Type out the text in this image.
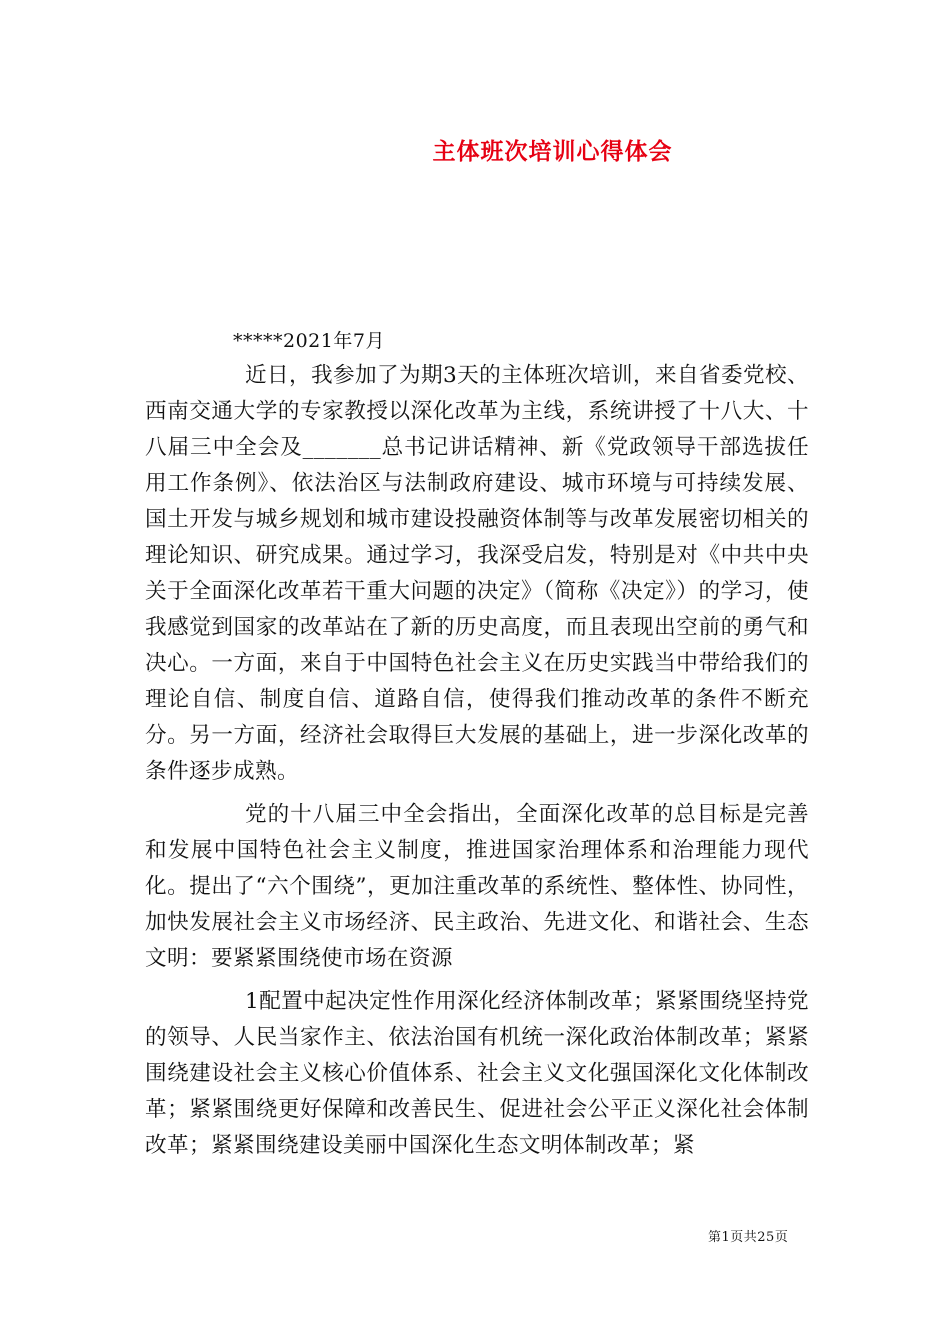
主体班次培训心得体会
*****2021年7月

近日，我参加了为期3天的主体班次培训，来自省委党校、西南交通大学的专家教授以深化改革为主线，系统讲授了十八大、十八届三中全会及_______总书记讲话精神、新《党政领导干部选拔任用工作条例》、依法治区与法制政府建设、城市环境与可持续发展、国土开发与城乡规划和城市建设投融资体制等与改革发展密切相关的理论知识、研究成果。通过学习，我深受启发，特别是对《中共中央关于全面深化改革若干重大问题的决定》（简称《决定》）的学习，使我感觉到国家的改革站在了新的历史高度，而且表现出空前的勇气和决心。一方面，来自于中国特色社会主义在历史实践当中带给我们的理论自信、制度自信、道路自信，使得我们推动改革的条件不断充分。另一方面，经济社会取得巨大发展的基础上，进一步深化改革的条件逐步成熟。

党的十八届三中全会指出，全面深化改革的总目标是完善和发展中国特色社会主义制度，推进国家治理体系和治理能力现代化。提出了“六个围绕”，更加注重改革的系统性、整体性、协同性，加快发展社会主义市场经济、民主政治、先进文化、和谐社会、生态文明：要紧紧围绕使市场在资源

1配置中起决定性作用深化经济体制改革；紧紧围绕坚持党的领导、人民当家作主、依法治国有机统一深化政治体制改革；紧紧围绕建设社会主义核心价值体系、社会主义文化强国深化文化体制改革；紧紧围绕更好保障和改善民生、促进社会公平正义深化社会体制改革；紧紧围绕建设美丽中国深化生态文明体制改革；紧

第1页共25页
